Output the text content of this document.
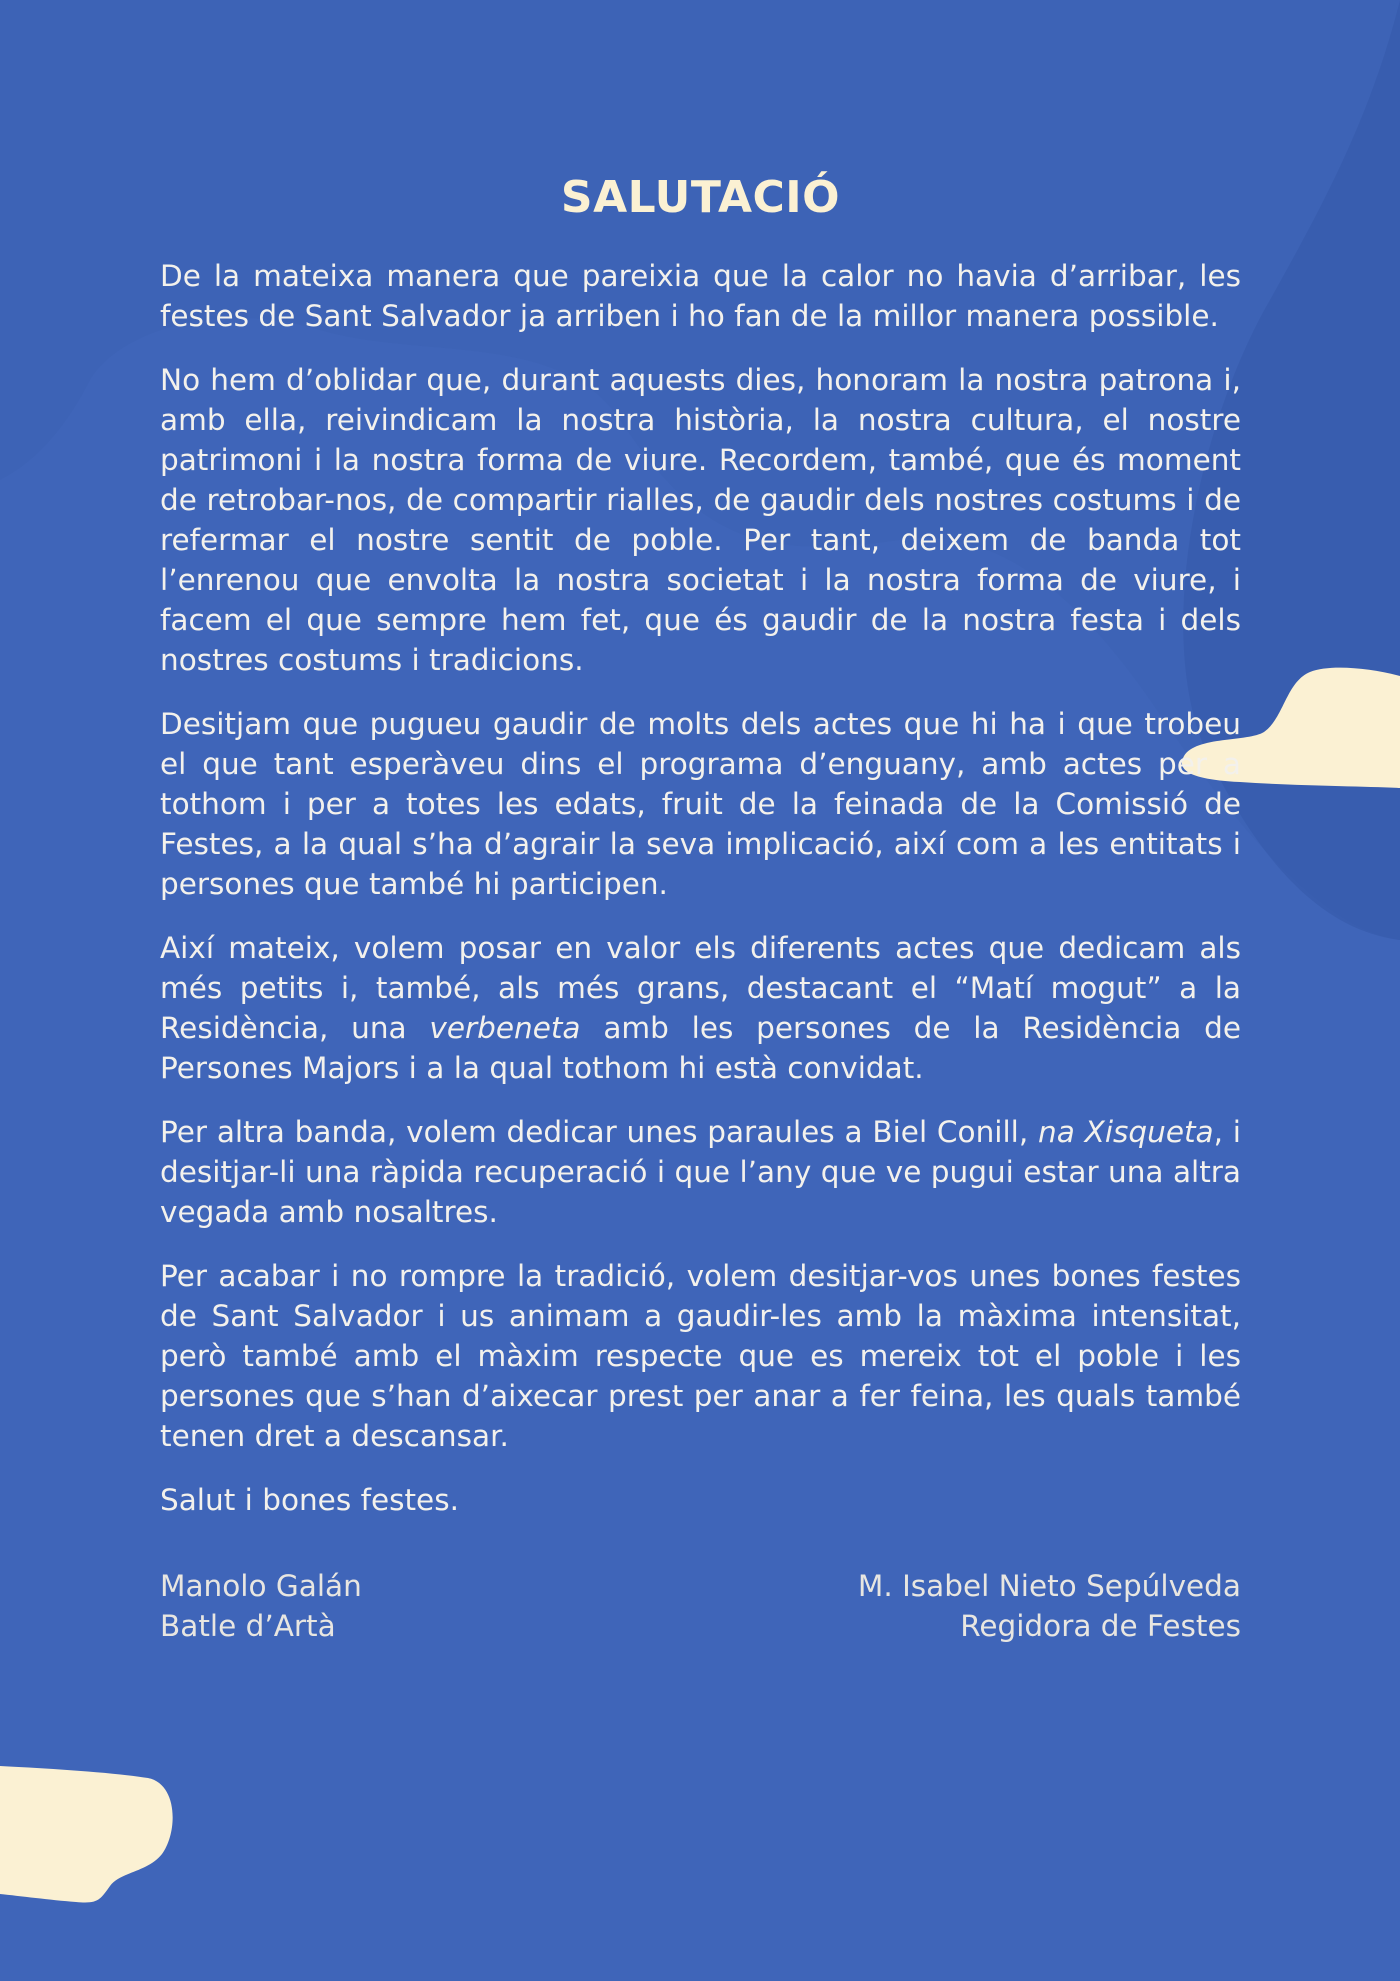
SALUTACIÓ

De la mateixa manera que pareixia que la calor no havia d’arribar, les festes de Sant Salvador ja arriben i ho fan de la millor manera possible.

No hem d’oblidar que, durant aquests dies, honoram la nostra patrona i, amb ella, reivindicam la nostra història, la nostra cultura, el nostre patrimoni i la nostra forma de viure. Recordem, també, que és moment de retrobar-nos, de compartir rialles, de gaudir dels nostres costums i de refermar el nostre sentit de poble. Per tant, deixem de banda tot l’enrenou que envolta la nostra societat i la nostra forma de viure, i facem el que sempre hem fet, que és gaudir de la nostra festa i dels nostres costums i tradicions.

Desitjam que pugueu gaudir de molts dels actes que hi ha i que trobeu el que tant esperàveu dins el programa d’enguany, amb actes per a tothom i per a totes les edats, fruit de la feinada de la Comissió de Festes, a la qual s’ha d’agrair la seva implicació, així com a les entitats i persones que també hi participen.

Així mateix, volem posar en valor els diferents actes que dedicam als més petits i, també, als més grans, destacant el “Matí mogut” a la Residència, una verbeneta amb les persones de la Residència de Persones Majors i a la qual tothom hi està convidat.

Per altra banda, volem dedicar unes paraules a Biel Conill, na Xisqueta, i desitjar-li una ràpida recuperació i que l’any que ve pugui estar una altra vegada amb nosaltres.

Per acabar i no rompre la tradició, volem desitjar-vos unes bones festes de Sant Salvador i us animam a gaudir-les amb la màxima intensitat, però també amb el màxim respecte que es mereix tot el poble i les persones que s’han d’aixecar prest per anar a fer feina, les quals també tenen dret a descansar.

Salut i bones festes.

Manolo Galán
Batle d’Artà
M. Isabel Nieto Sepúlveda
Regidora de Festes
